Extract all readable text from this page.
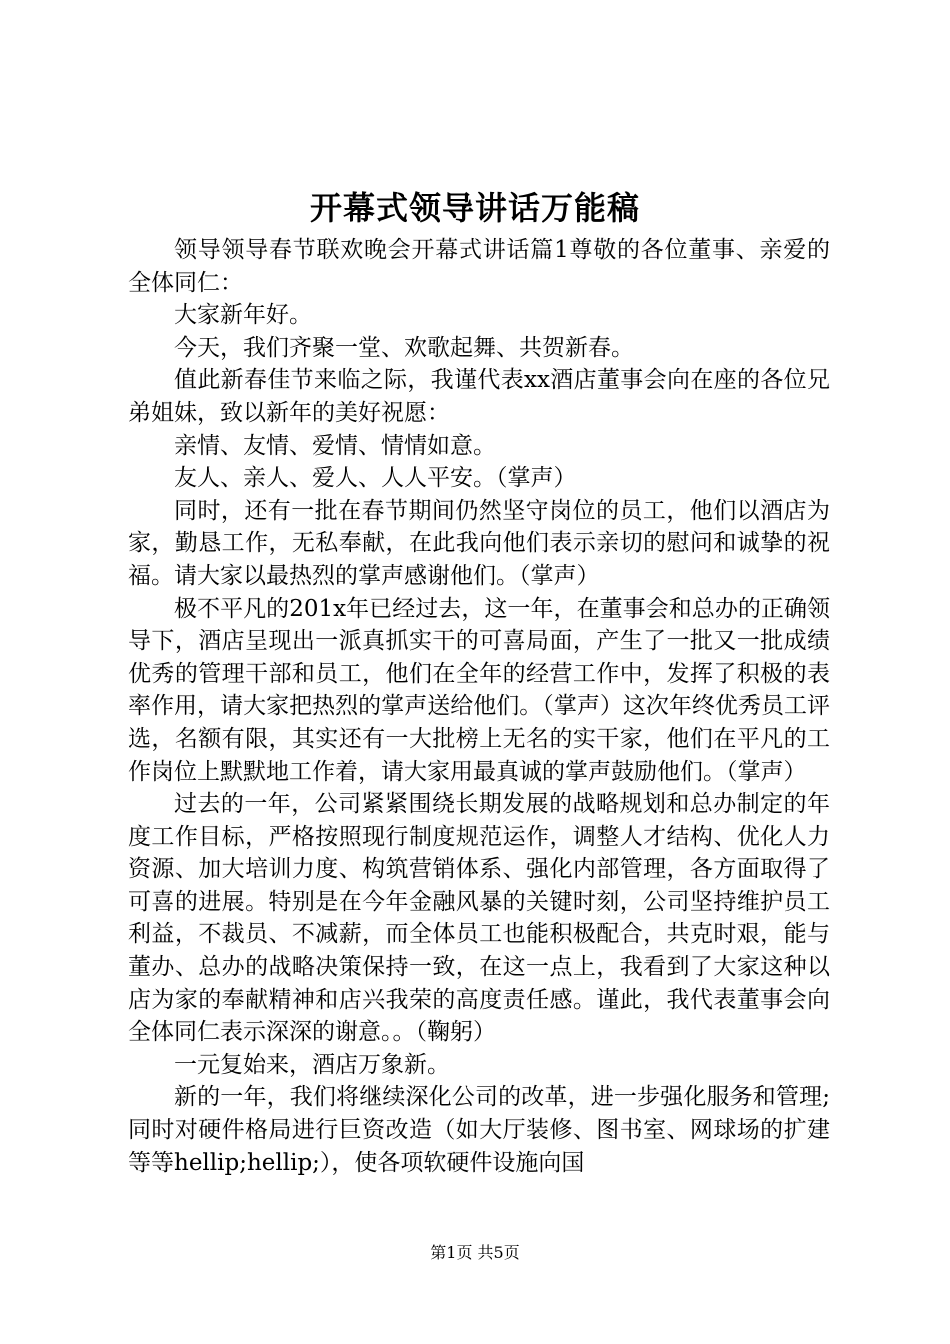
开幕式领导讲话万能稿

领导领导春节联欢晚会开幕式讲话篇1尊敬的各位董事、亲爱的全体同仁：

大家新年好。

今天，我们齐聚一堂、欢歌起舞、共贺新春。

值此新春佳节来临之际，我谨代表xx酒店董事会向在座的各位兄弟姐妹，致以新年的美好祝愿：

亲情、友情、爱情、情情如意。

友人、亲人、爱人、人人平安。（掌声）

同时，还有一批在春节期间仍然坚守岗位的员工，他们以酒店为家，勤恳工作，无私奉献，在此我向他们表示亲切的慰问和诚挚的祝福。请大家以最热烈的掌声感谢他们。（掌声）

极不平凡的201x年已经过去，这一年，在董事会和总办的正确领导下，酒店呈现出一派真抓实干的可喜局面，产生了一批又一批成绩优秀的管理干部和员工，他们在全年的经营工作中，发挥了积极的表率作用，请大家把热烈的掌声送给他们。（掌声）这次年终优秀员工评选，名额有限，其实还有一大批榜上无名的实干家，他们在平凡的工作岗位上默默地工作着，请大家用最真诚的掌声鼓励他们。（掌声）

过去的一年，公司紧紧围绕长期发展的战略规划和总办制定的年度工作目标，严格按照现行制度规范运作，调整人才结构、优化人力资源、加大培训力度、构筑营销体系、强化内部管理，各方面取得了可喜的进展。特别是在今年金融风暴的关键时刻，公司坚持维护员工利益，不裁员、不减薪，而全体员工也能积极配合，共克时艰，能与董办、总办的战略决策保持一致，在这一点上，我看到了大家这种以店为家的奉献精神和店兴我荣的高度责任感。谨此，我代表董事会向全体同仁表示深深的谢意。。（鞠躬）

一元复始来，酒店万象新。

新的一年，我们将继续深化公司的改革，进一步强化服务和管理;同时对硬件格局进行巨资改造（如大厅装修、图书室、网球场的扩建等等hellip;hellip;），使各项软硬件设施向国

第1页 共5页
